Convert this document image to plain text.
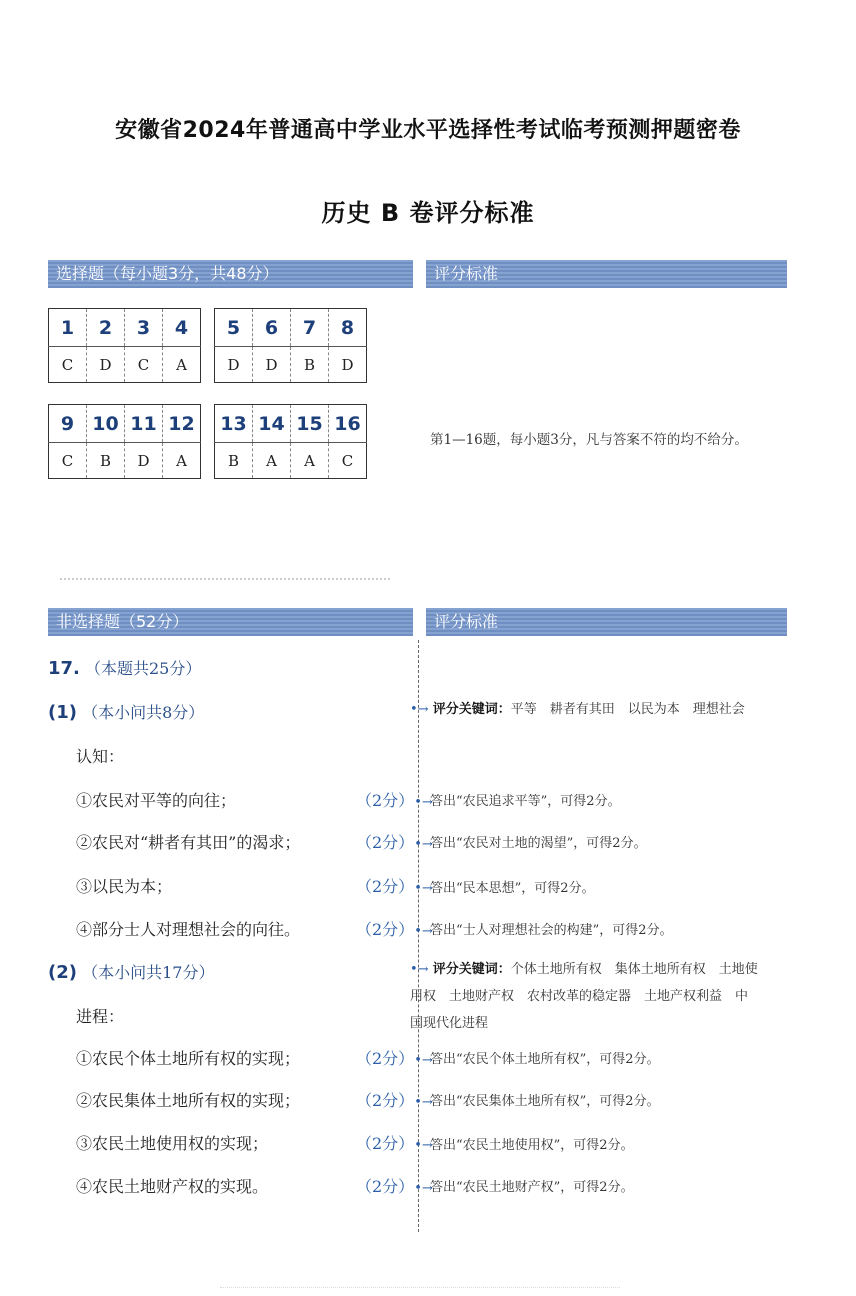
安徽省2024年普通高中学业水平选择性考试临考预测押题密卷
历史 B 卷评分标准
选择题（每小题3分，共48分）	评分标准
1	2	3	4
C	D	C	A
5	6	7	8
D	D	B	D
9	10	11	12
C	B	D	A
13	14	15	16
B	A	A	C
第1—16题，每小题3分，凡与答案不符的均不给分。
非选择题（52分）	评分标准
17. （本题共25分）
(1) （本小问共8分）	•→ 评分关键词：平等　耕者有其田　以民为本　理想社会
认知：
①农民对平等的向往；	（2分）•→
答出“农民追求平等”，可得2分。
②农民对“耕者有其田”的渴求；	（2分）•→
答出“农民对土地的渴望”，可得2分。
③以民为本；	（2分）•→
答出“民本思想”，可得2分。
④部分士人对理想社会的向往。	（2分）•→
答出“士人对理想社会的构建”，可得2分。
(2) （本小问共17分）	•→ 评分关键词：个体土地所有权　集体土地所有权　土地使用权　土地财产权　农村改革的稳定器　土地产权利益　中国现代化进程
进程：
①农民个体土地所有权的实现；	（2分）•→
答出“农民个体土地所有权”，可得2分。
②农民集体土地所有权的实现；	（2分）•→
答出“农民集体土地所有权”，可得2分。
③农民土地使用权的实现；	（2分）•→
答出“农民土地使用权”，可得2分。
④农民土地财产权的实现。	（2分）•→
答出“农民土地财产权”，可得2分。
